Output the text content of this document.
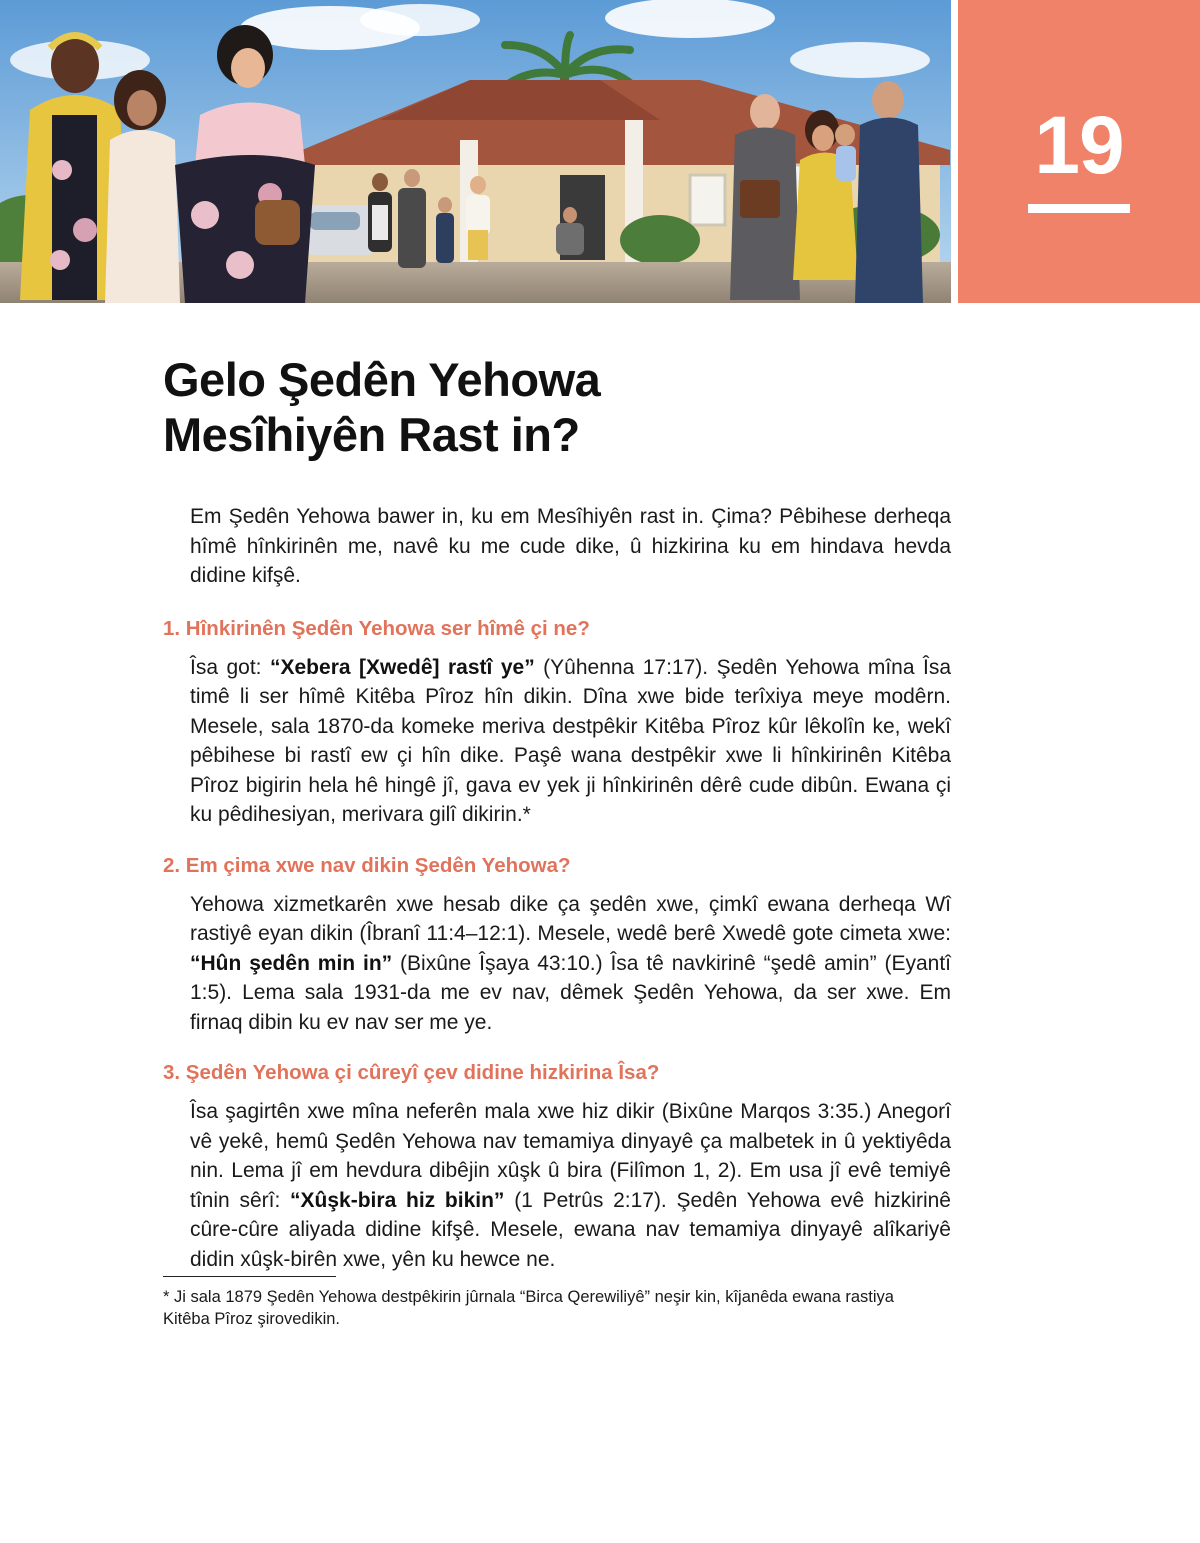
19
Gelo Şedên Yehowa
Mesîhiyên Rast in?

Em Şedên Yehowa bawer in, ku em Mesîhiyên rast in. Çima? Pêbihese derheqa hîmê hînkirinên me, navê ku me cude dike, û hizkirina ku em hindava hevda didine kifşê.

1. Hînkirinên Şedên Yehowa ser hîmê çi ne?

Îsa got: “Xebera [Xwedê] rastî ye” (Yûhenna 17:17). Şedên Yehowa mîna Îsa timê li ser hîmê Kitêba Pîroz hîn dikin. Dîna xwe bide terîxiya meye modêrn. Mesele, sala 1870-da komeke meriva destpêkir Kitêba Pîroz kûr lêkolîn ke, wekî pêbihese bi rastî ew çi hîn dike. Paşê wana destpêkir xwe li hînkirinên Kitêba Pîroz bigirin hela hê hingê jî, gava ev yek ji hînkirinên dêrê cude dibûn. Ewana çi ku pêdihesiyan, merivara gilî dikirin.*

2. Em çima xwe nav dikin Şedên Yehowa?

Yehowa xizmetkarên xwe hesab dike ça şedên xwe, çimkî ewana derheqa Wî rastiyê eyan dikin (Îbranî 11:4–12:1). Mesele, wedê berê Xwedê gote cimeta xwe: “Hûn şedên min in” (Bixûne Îşaya 43:10.) Îsa tê navkirinê “şedê amin” (Eyantî 1:5). Lema sala 1931-da me ev nav, dêmek Şedên Yehowa, da ser xwe. Em firnaq dibin ku ev nav ser me ye.

3. Şedên Yehowa çi cûreyî çev didine hizkirina Îsa?

Îsa şagirtên xwe mîna neferên mala xwe hiz dikir (Bixûne Marqos 3:35.) Anegorî vê yekê, hemû Şedên Yehowa nav temamiya dinyayê ça malbetek in û yektiyêda nin. Lema jî em hevdura dibêjin xûşk û bira (Filîmon 1, 2). Em usa jî evê temiyê tînin sêrî: “Xûşk-bira hiz bikin” (1 Petrûs 2:17). Şedên Yehowa evê hizkirinê cûre-cûre aliyada didine kifşê. Mesele, ewana nav temamiya dinyayê alîkariyê didin xûşk-birên xwe, yên ku hewce ne.

* Ji sala 1879 Şedên Yehowa destpêkirin jûrnala “Birca Qerewiliyê” neşir kin, kîjanêda ewana rastiya Kitêba Pîroz şirovedikin.
